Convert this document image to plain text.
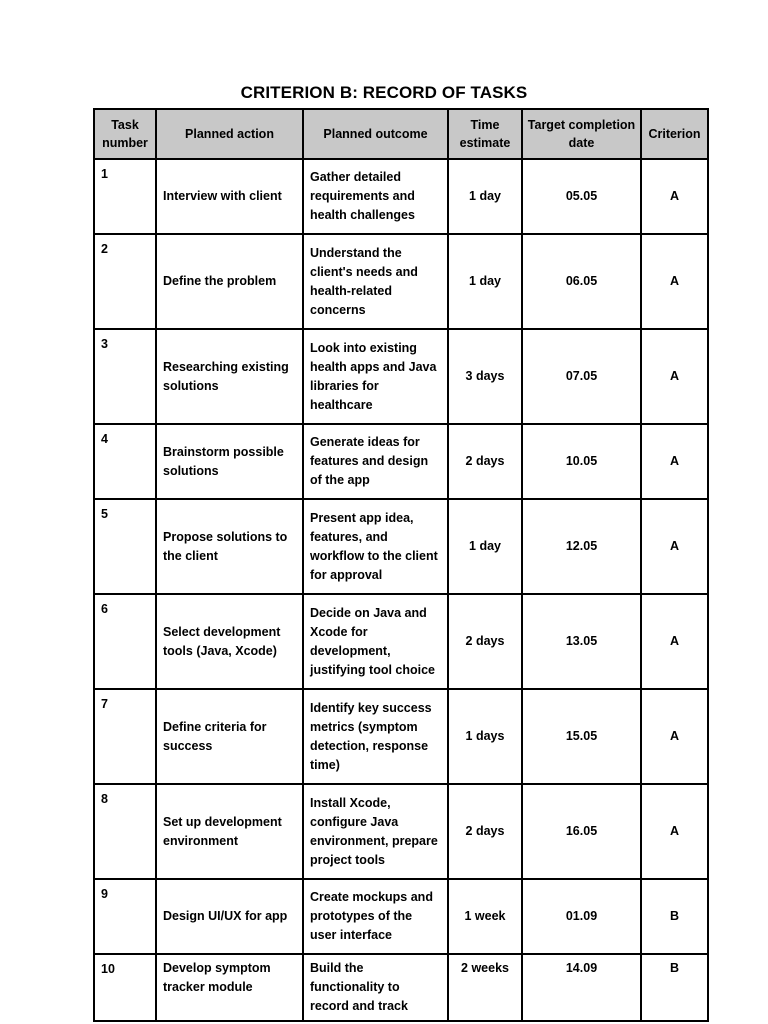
CRITERION B: RECORD OF TASKS
Task number	Planned action	Planned outcome	Time estimate	Target completion date	Criterion
1	Interview with client	Gather detailed requirements and health challenges	1 day	05.05	A
2	Define the problem	Understand the client's needs and health-related concerns	1 day	06.05	A
3	Researching existing solutions	Look into existing health apps and Java libraries for healthcare	3 days	07.05	A
4	Brainstorm possible solutions	Generate ideas for features and design of the app	2 days	10.05	A
5	Propose solutions to the client	Present app idea, features, and workflow to the client for approval	1 day	12.05	A
6	Select development tools (Java, Xcode)	Decide on Java and Xcode for development, justifying tool choice	2 days	13.05	A
7	Define criteria for success	Identify key success metrics (symptom detection, response time)	1 days	15.05	A
8	Set up development environment	Install Xcode, configure Java environment, prepare project tools	2 days	16.05	A
9	Design UI/UX for app	Create mockups and prototypes of the user interface	1 week	01.09	B
10	Develop symptom tracker module	Build the functionality to record and track	2 weeks	14.09	B
